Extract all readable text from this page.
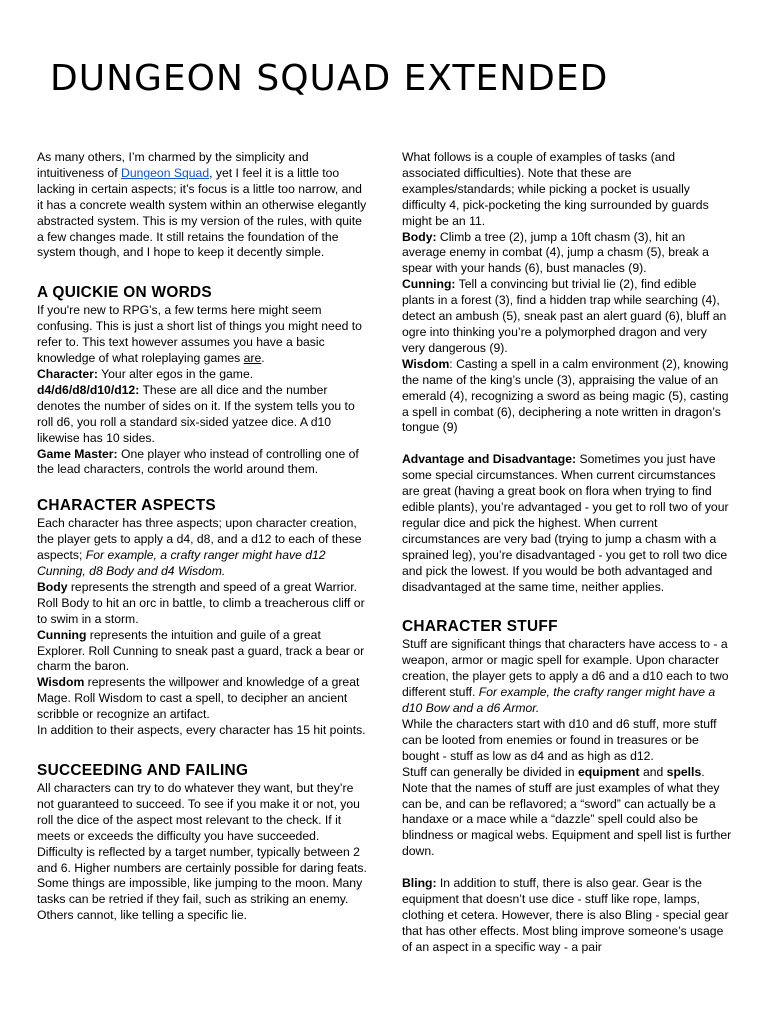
DUNGEON SQUAD EXTENDED

As many others, I’m charmed by the simplicity and intuitiveness of Dungeon Squad, yet I feel it is a little too lacking in certain aspects; it’s focus is a little too narrow, and it has a concrete wealth system within an otherwise elegantly abstracted system. This is my version of the rules, with quite a few changes made. It still retains the foundation of the system though, and I hope to keep it decently simple.

A QUICKIE ON WORDS

If you're new to RPG’s, a few terms here might seem confusing. This is just a short list of things you might need to refer to. This text however assumes you have a basic knowledge of what roleplaying games are.

Character: Your alter egos in the game.

d4/d6/d8/d10/d12: These are all dice and the number denotes the number of sides on it. If the system tells you to roll d6, you roll a standard six-sided yatzee dice. A d10 likewise has 10 sides.

Game Master: One player who instead of controlling one of the lead characters, controls the world around them.

CHARACTER ASPECTS

Each character has three aspects; upon character creation, the player gets to apply a d4, d8, and a d12 to each of these aspects; For example, a crafty ranger might have d12 Cunning, d8 Body and d4 Wisdom.

Body represents the strength and speed of a great Warrior. Roll Body to hit an orc in battle, to climb a treacherous cliff or to swim in a storm.

Cunning represents the intuition and guile of a great Explorer. Roll Cunning to sneak past a guard, track a bear or charm the baron.

Wisdom represents the willpower and knowledge of a great Mage. Roll Wisdom to cast a spell, to decipher an ancient scribble or recognize an artifact.

In addition to their aspects, every character has 15 hit points.

SUCCEEDING AND FAILING

All characters can try to do whatever they want, but they’re not guaranteed to succeed. To see if you make it or not, you roll the dice of the aspect most relevant to the check. If it meets or exceeds the difficulty you have succeeded. Difficulty is reflected by a target number, typically between 2 and 6. Higher numbers are certainly possible for daring feats. Some things are impossible, like jumping to the moon. Many tasks can be retried if they fail, such as striking an enemy. Others cannot, like telling a specific lie.

What follows is a couple of examples of tasks (and associated difficulties). Note that these are examples/standards; while picking a pocket is usually difficulty 4, pick-pocketing the king surrounded by guards might be an 11.

Body: Climb a tree (2), jump a 10ft chasm (3), hit an average enemy in combat (4), jump a chasm (5), break a spear with your hands (6), bust manacles (9).

Cunning: Tell a convincing but trivial lie (2), find edible plants in a forest (3), find a hidden trap while searching (4), detect an ambush (5), sneak past an alert guard (6), bluff an ogre into thinking you’re a polymorphed dragon and very very dangerous (9).

Wisdom: Casting a spell in a calm environment (2), knowing the name of the king’s uncle (3), appraising the value of an emerald (4), recognizing a sword as being magic (5), casting a spell in combat (6), deciphering a note written in dragon’s tongue (9)

Advantage and Disadvantage: Sometimes you just have some special circumstances. When current circumstances are great (having a great book on flora when trying to find edible plants), you’re advantaged - you get to roll two of your regular dice and pick the highest. When current circumstances are very bad (trying to jump a chasm with a sprained leg), you’re disadvantaged - you get to roll two dice and pick the lowest. If you would be both advantaged and disadvantaged at the same time, neither applies.

CHARACTER STUFF

Stuff are significant things that characters have access to - a weapon, armor or magic spell for example. Upon character creation, the player gets to apply a d6 and a d10 each to two different stuff. For example, the crafty ranger might have a d10 Bow and a d6 Armor.

While the characters start with d10 and d6 stuff, more stuff can be looted from enemies or found in treasures or be bought - stuff as low as d4 and as high as d12.

Stuff can generally be divided in equipment and spells. Note that the names of stuff are just examples of what they can be, and can be reflavored; a “sword” can actually be a handaxe or a mace while a “dazzle” spell could also be blindness or magical webs. Equipment and spell list is further down.

Bling: In addition to stuff, there is also gear. Gear is the equipment that doesn’t use dice - stuff like rope, lamps, clothing et cetera. However, there is also Bling - special gear that has other effects. Most bling improve someone’s usage of an aspect in a specific way - a pair
